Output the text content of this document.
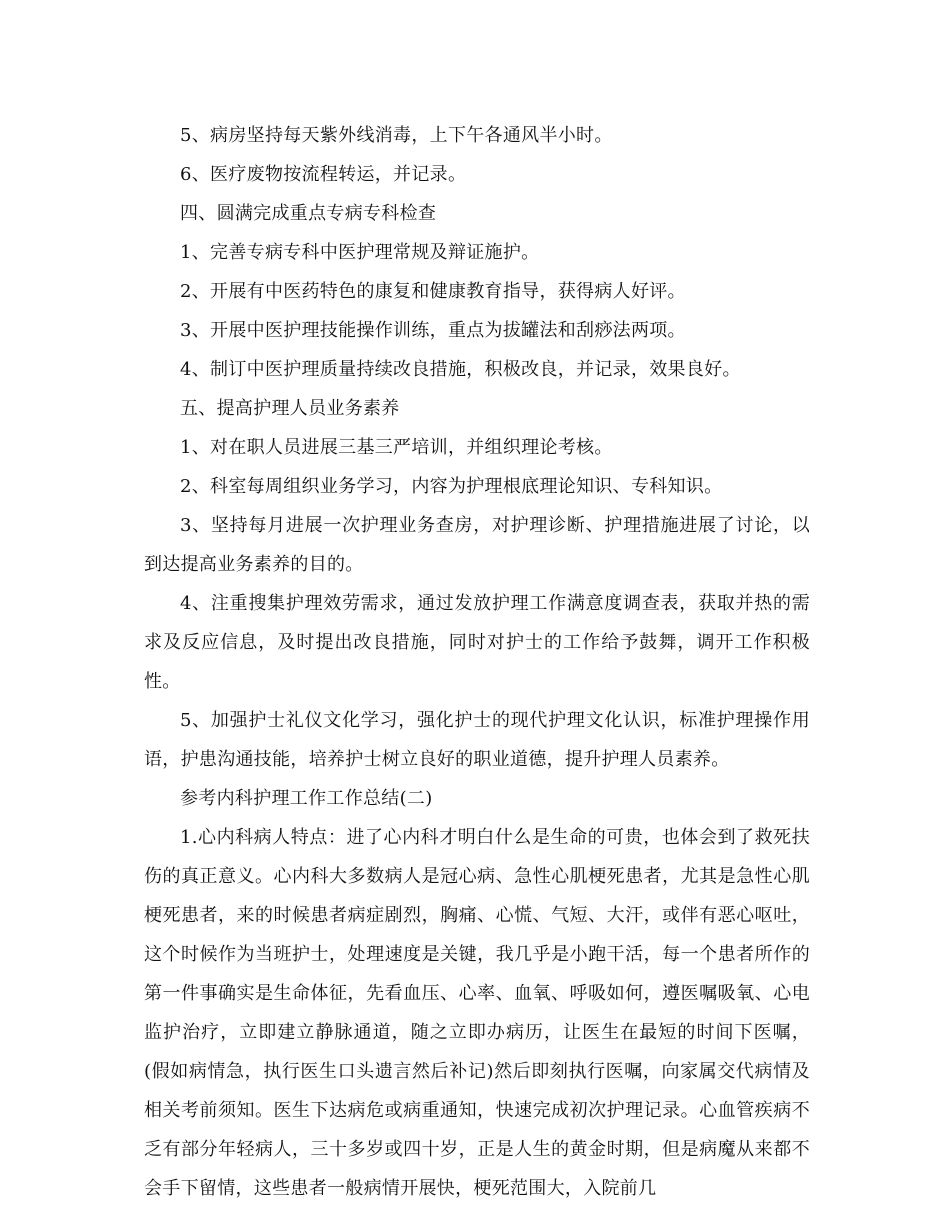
5、病房坚持每天紫外线消毒，上下午各通风半小时。

6、医疗废物按流程转运，并记录。

四、圆满完成重点专病专科检查

1、完善专病专科中医护理常规及辩证施护。

2、开展有中医药特色的康复和健康教育指导，获得病人好评。

3、开展中医护理技能操作训练，重点为拔罐法和刮痧法两项。

4、制订中医护理质量持续改良措施，积极改良，并记录，效果良好。

五、提高护理人员业务素养

1、对在职人员进展三基三严培训，并组织理论考核。

2、科室每周组织业务学习，内容为护理根底理论知识、专科知识。

3、坚持每月进展一次护理业务查房，对护理诊断、护理措施进展了讨论，以到达提高业务素养的目的。

4、注重搜集护理效劳需求，通过发放护理工作满意度调查表，获取并热的需求及反应信息，及时提出改良措施，同时对护士的工作给予鼓舞，调开工作积极性。

5、加强护士礼仪文化学习，强化护士的现代护理文化认识，标准护理操作用语，护患沟通技能，培养护士树立良好的职业道德，提升护理人员素养。

参考内科护理工作工作总结(二)

1.心内科病人特点：进了心内科才明白什么是生命的可贵，也体会到了救死扶伤的真正意义。心内科大多数病人是冠心病、急性心肌梗死患者，尤其是急性心肌梗死患者，来的时候患者病症剧烈，胸痛、心慌、气短、大汗，或伴有恶心呕吐，这个时候作为当班护士，处理速度是关键，我几乎是小跑干活，每一个患者所作的第一件事确实是生命体征，先看血压、心率、血氧、呼吸如何，遵医嘱吸氧、心电监护治疗，立即建立静脉通道，随之立即办病历，让医生在最短的时间下医嘱，(假如病情急，执行医生口头遗言然后补记)然后即刻执行医嘱，向家属交代病情及相关考前须知。医生下达病危或病重通知，快速完成初次护理记录。心血管疾病不乏有部分年轻病人，三十多岁或四十岁，正是人生的黄金时期，但是病魔从来都不会手下留情，这些患者一般病情开展快，梗死范围大，入院前几
